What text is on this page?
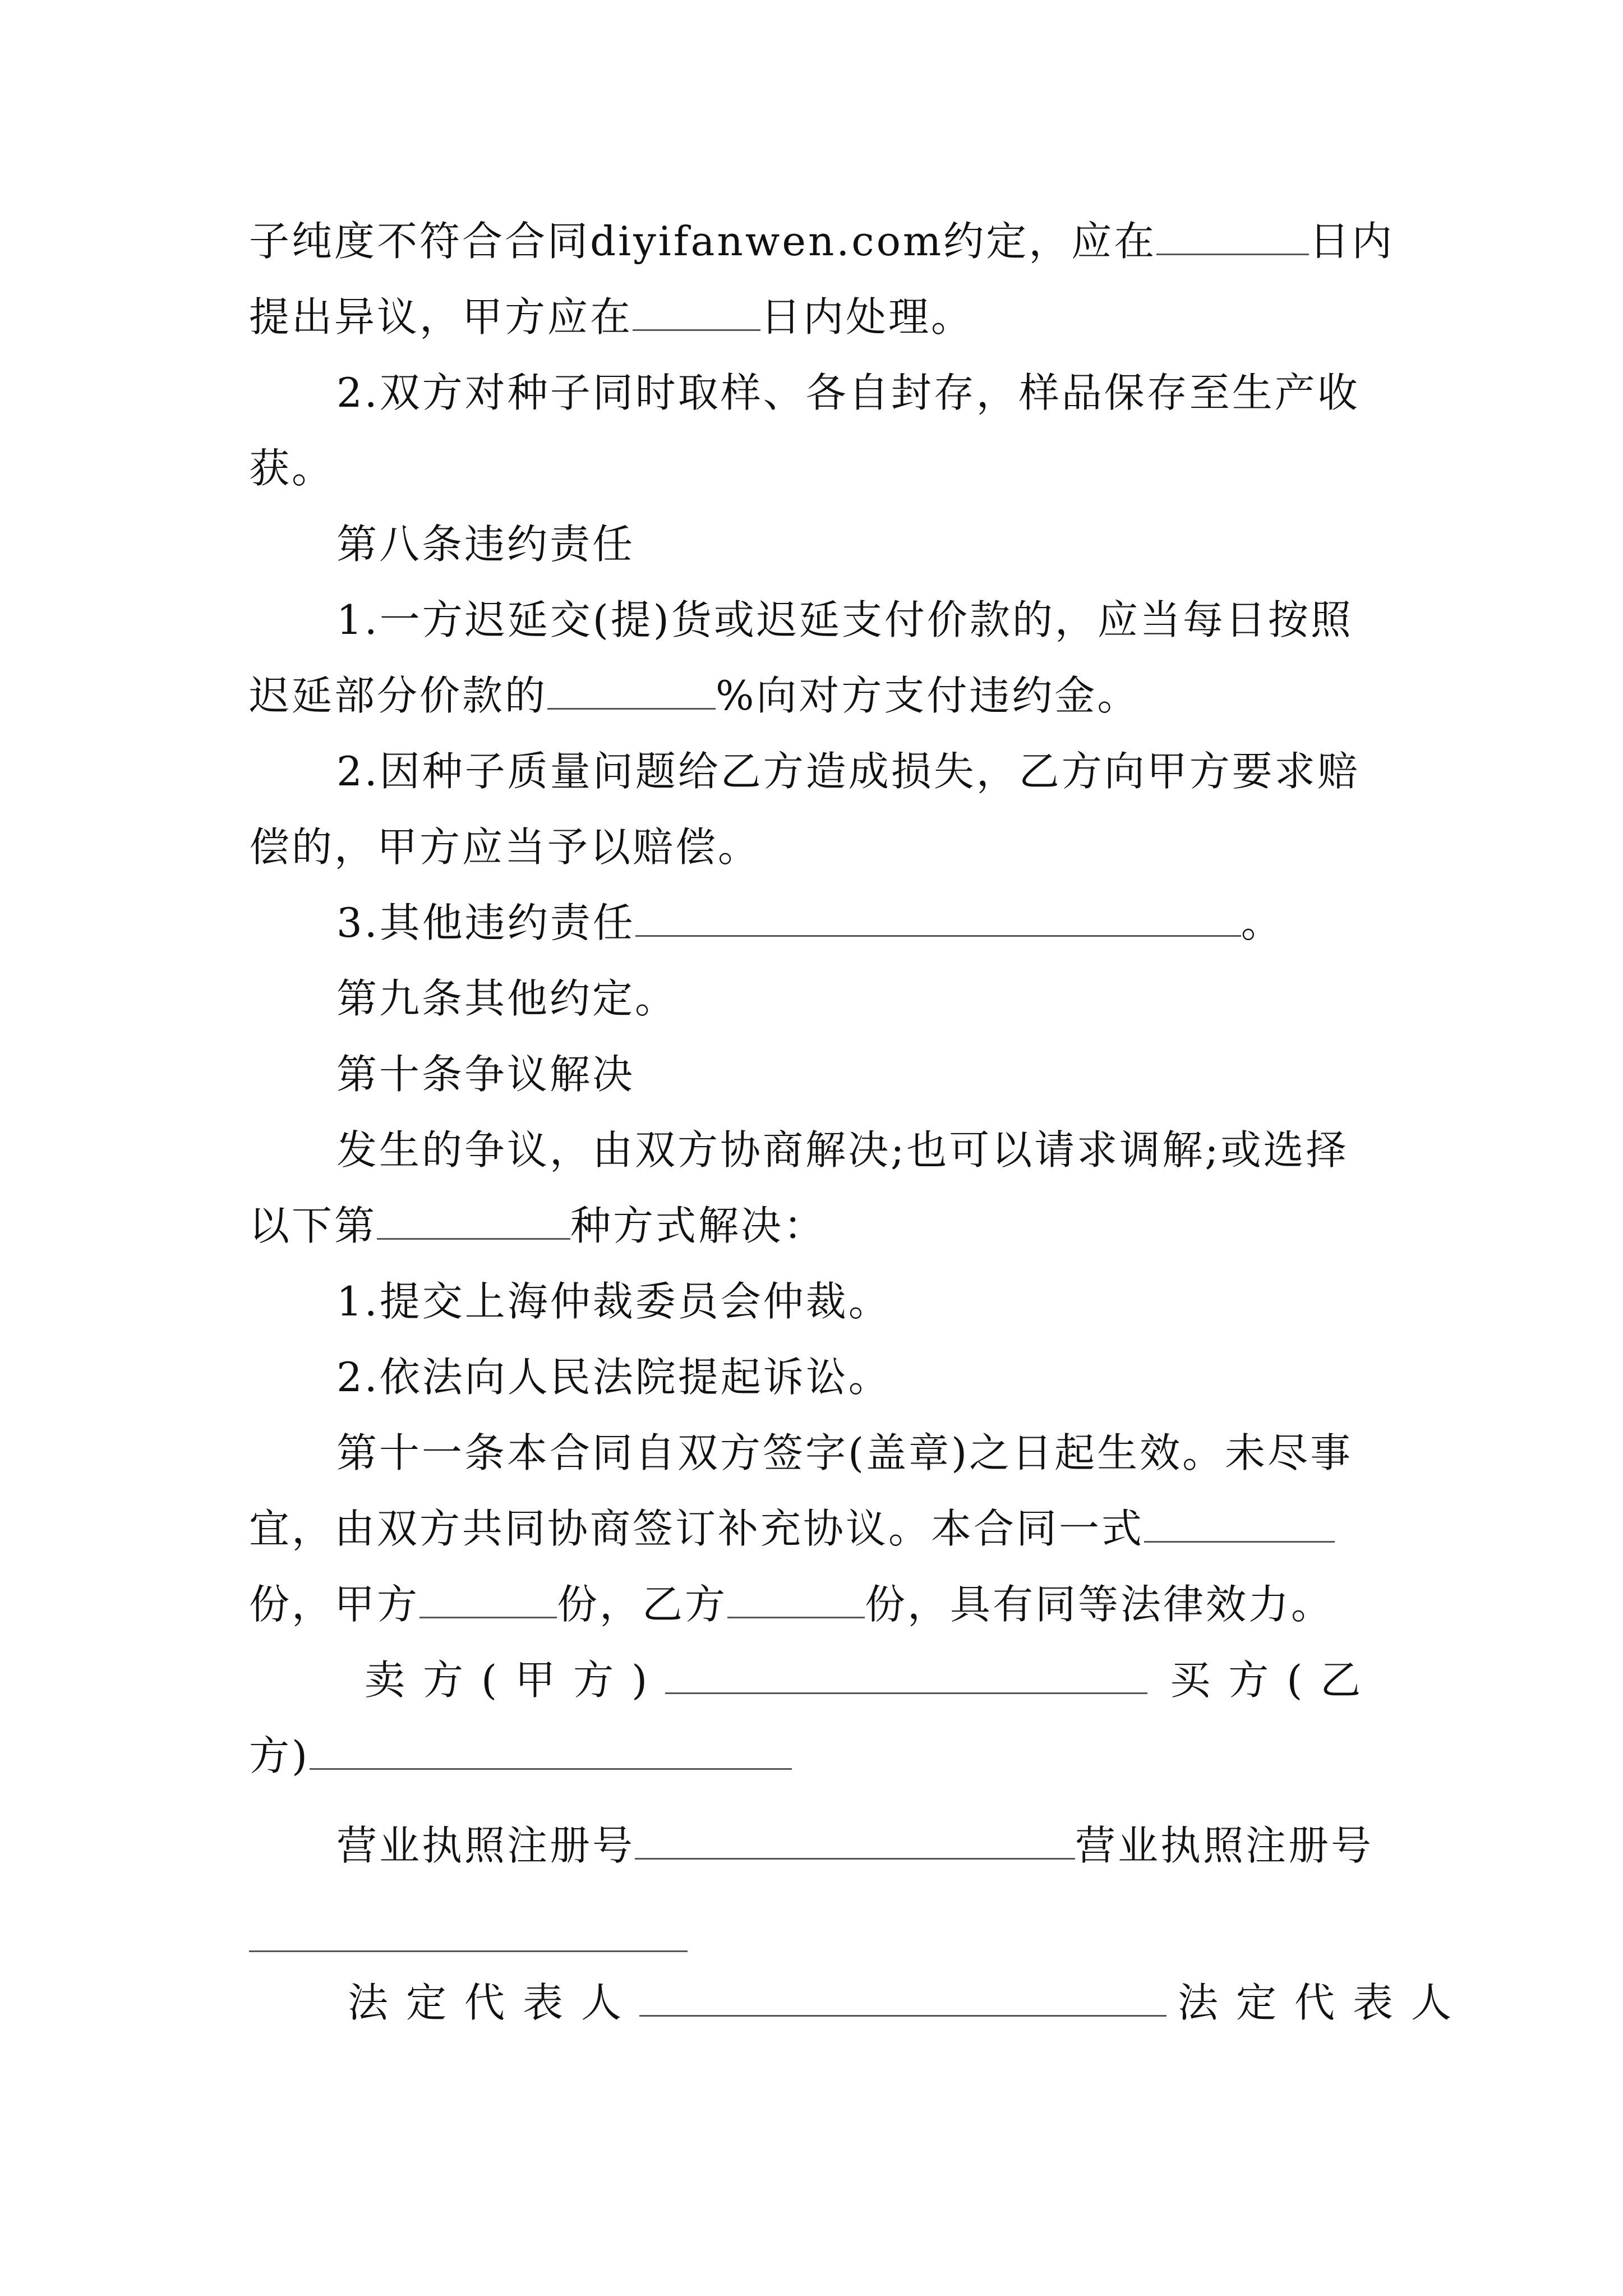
子纯度不符合合同diyifanwen.com约定，应在	日内
提出异议，甲方应在	日内处理。
2.双方对种子同时取样、各自封存，样品保存至生产收
获。
第八条违约责任
1.一方迟延交(提)货或迟延支付价款的，应当每日按照
迟延部分价款的	%向对方支付违约金。
2.因种子质量问题给乙方造成损失，乙方向甲方要求赔
偿的，甲方应当予以赔偿。
3.其他违约责任	。
第九条其他约定。
第十条争议解决
发生的争议，由双方协商解决;也可以请求调解;或选择
以下第	种方式解决：
1.提交上海仲裁委员会仲裁。
2.依法向人民法院提起诉讼。
第十一条本合同自双方签字(盖章)之日起生效。未尽事
宜，由双方共同协商签订补充协议。本合同一式
份，甲方	份，乙方	份，具有同等法律效力。
卖方(甲方)	买方(乙
方)
营业执照注册号	营业执照注册号
法定代表人	法定代表人
